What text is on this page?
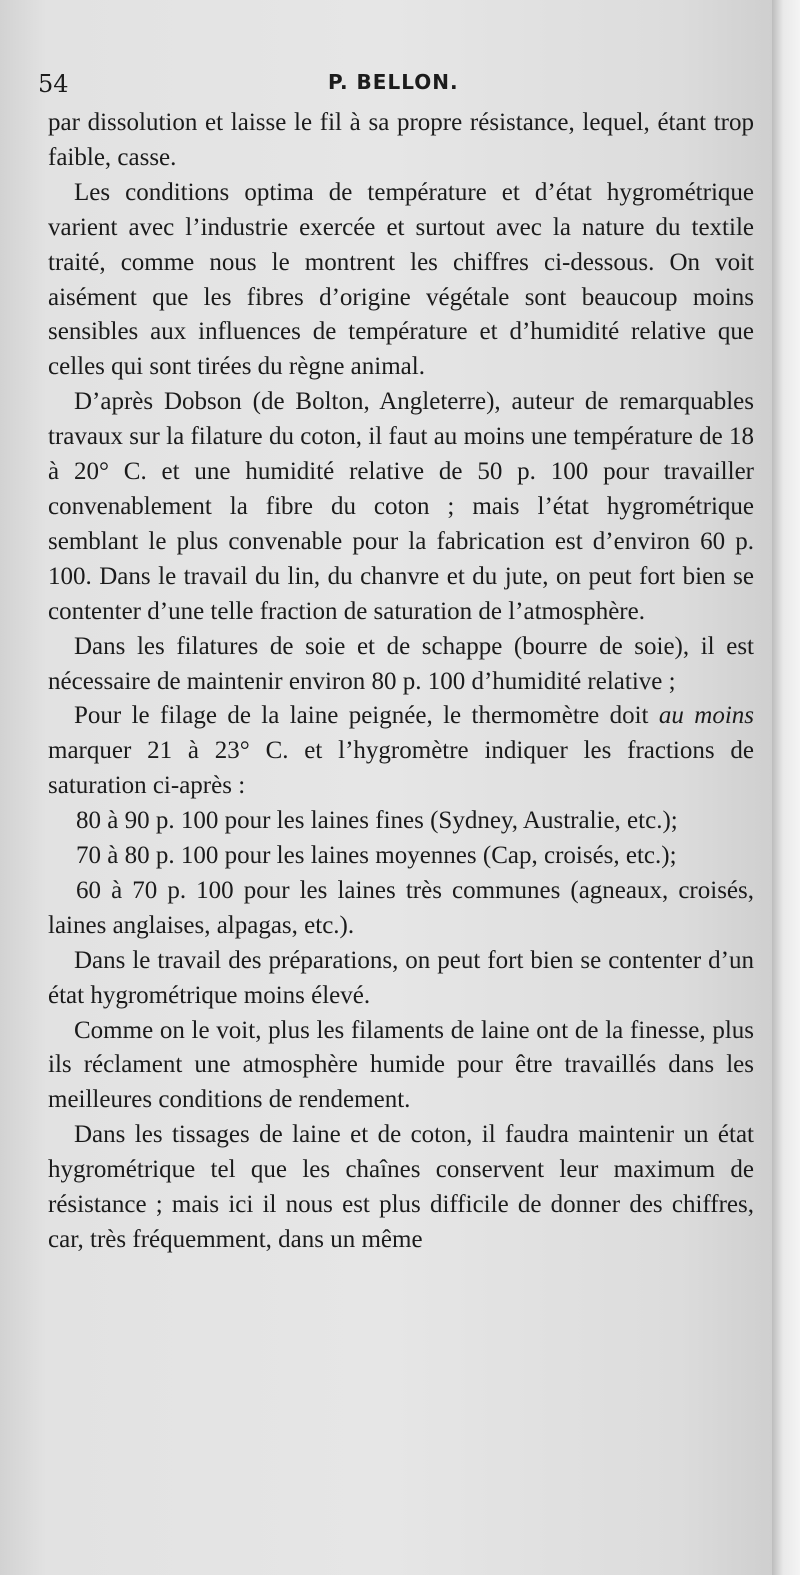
54	P. BELLON.

par dissolution et laisse le fil à sa propre résistance, lequel, étant trop faible, casse.

Les conditions optima de température et d’état hygrométrique varient avec l’industrie exercée et surtout avec la nature du textile traité, comme nous le montrent les chiffres ci-dessous. On voit aisément que les fibres d’origine végétale sont beaucoup moins sensibles aux influences de température et d’humidité relative que celles qui sont tirées du règne animal.

D’après Dobson (de Bolton, Angleterre), auteur de remarquables travaux sur la filature du coton, il faut au moins une température de 18 à 20° C. et une humidité relative de 50 p. 100 pour travailler convenablement la fibre du coton ; mais l’état hygrométrique semblant le plus convenable pour la fabrication est d’environ 60 p. 100. Dans le travail du lin, du chanvre et du jute, on peut fort bien se contenter d’une telle fraction de saturation de l’atmosphère.

Dans les filatures de soie et de schappe (bourre de soie), il est nécessaire de maintenir environ 80 p. 100 d’humidité relative ;

Pour le filage de la laine peignée, le thermomètre doit au moins marquer 21 à 23° C. et l’hygromètre indiquer les fractions de saturation ci-après :

80 à 90 p. 100 pour les laines fines (Sydney, Australie, etc.);

70 à 80 p. 100 pour les laines moyennes (Cap, croisés, etc.);

60 à 70 p. 100 pour les laines très communes (agneaux, croisés, laines anglaises, alpagas, etc.).

Dans le travail des préparations, on peut fort bien se contenter d’un état hygrométrique moins élevé.

Comme on le voit, plus les filaments de laine ont de la finesse, plus ils réclament une atmosphère humide pour être travaillés dans les meilleures conditions de rendement.

Dans les tissages de laine et de coton, il faudra maintenir un état hygrométrique tel que les chaînes conservent leur maximum de résistance ; mais ici il nous est plus difficile de donner des chiffres, car, très fréquemment, dans un même
